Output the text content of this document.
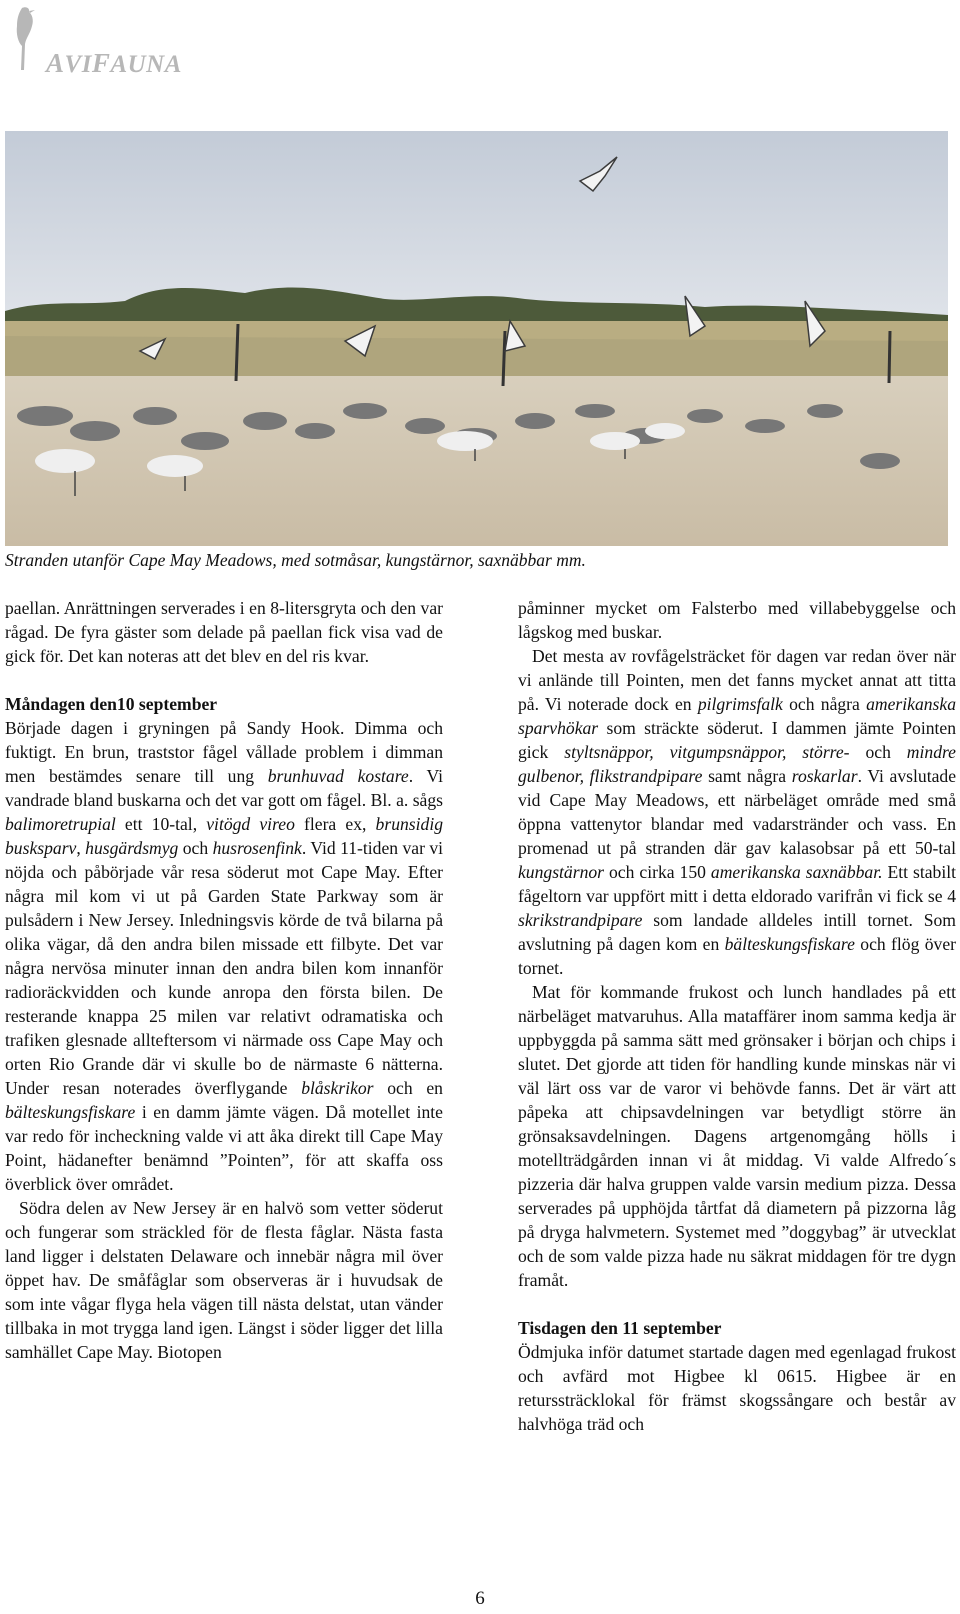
AVIFAUNA
Stranden utanför Cape May Meadows, med sotmåsar, kungstärnor, saxnäbbar mm.

paellan. Anrättningen serverades i en 8-litersgryta och den var rågad. De fyra gäster som delade på paellan fick visa vad de gick för. Det kan noteras att det blev en del ris kvar.

Måndagen den10 september

Började dagen i gryningen på Sandy Hook. Dimma och fuktigt. En brun, traststor fågel vållade problem i dimman men bestämdes senare till ung brunhuvad kostare. Vi vandrade bland buskarna och det var gott om fågel. Bl. a. sågs balimoretrupial ett 10-tal, vitögd vireo flera ex, brunsidig busksparv, husgärdsmyg och husrosenfink. Vid 11-tiden var vi nöjda och påbörjade vår resa söderut mot Cape May. Efter några mil kom vi ut på Garden State Parkway som är pulsådern i New Jersey. Inledningsvis körde de två bilarna på olika vägar, då den andra bilen missade ett filbyte. Det var några nervösa minuter innan den andra bilen kom innanför radioräckvidden och kunde anropa den första bilen. De resterande knappa 25 milen var relativt odramatiska och trafiken glesnade allteftersom vi närmade oss Cape May och orten Rio Grande där vi skulle bo de närmaste 6 nätterna. Under resan noterades överflygande blåskrikor och en bälteskungsfiskare i en damm jämte vägen. Då motellet inte var redo för incheckning valde vi att åka direkt till Cape May Point, hädanefter benämnd ”Pointen”, för att skaffa oss överblick över området.

Södra delen av New Jersey är en halvö som vetter söderut och fungerar som sträckled för de flesta fåglar. Nästa fasta land ligger i delstaten Delaware och innebär några mil över öppet hav. De småfåglar som observeras är i huvudsak de som inte vågar flyga hela vägen till nästa delstat, utan vänder tillbaka in mot trygga land igen. Längst i söder ligger det lilla samhället Cape May. Biotopen

påminner mycket om Falsterbo med villabebyggelse och lågskog med buskar.

Det mesta av rovfågelsträcket för dagen var redan över när vi anlände till Pointen, men det fanns mycket annat att titta på. Vi noterade dock en pilgrimsfalk och några amerikanska sparvhökar som sträckte söderut. I dammen jämte Pointen gick styltsnäppor, vitgumpsnäppor, större- och mindre gulbenor, flikstrandpipare samt några roskarlar. Vi avslutade vid Cape May Meadows, ett närbeläget område med små öppna vattenytor blandar med vadarstränder och vass. En promenad ut på stranden där gav kalasobsar på ett 50-tal kungstärnor och cirka 150 amerikanska saxnäbbar. Ett stabilt fågeltorn var uppfört mitt i detta eldorado varifrån vi fick se 4 skrikstrandpipare som landade alldeles intill tornet. Som avslutning på dagen kom en bälteskungsfiskare och flög över tornet.

Mat för kommande frukost och lunch handlades på ett närbeläget matvaruhus. Alla mataffärer inom samma kedja är uppbyggda på samma sätt med grönsaker i början och chips i slutet. Det gjorde att tiden för handling kunde minskas när vi väl lärt oss var de varor vi behövde fanns. Det är värt att påpeka att chipsavdelningen var betydligt större än grönsaksavdelningen. Dagens artgenomgång hölls i motellträdgården innan vi åt middag. Vi valde Alfredo´s pizzeria där halva gruppen valde varsin medium pizza. Dessa serverades på upphöjda tårtfat då diametern på pizzorna låg på dryga halvmetern. Systemet med ”doggybag” är utvecklat och de som valde pizza hade nu säkrat middagen för tre dygn framåt.

Tisdagen den 11 september

Ödmjuka inför datumet startade dagen med egenlagad frukost och avfärd mot Higbee kl 0615. Higbee är en returssträcklokal för främst skogssångare och består av halvhöga träd och

6
